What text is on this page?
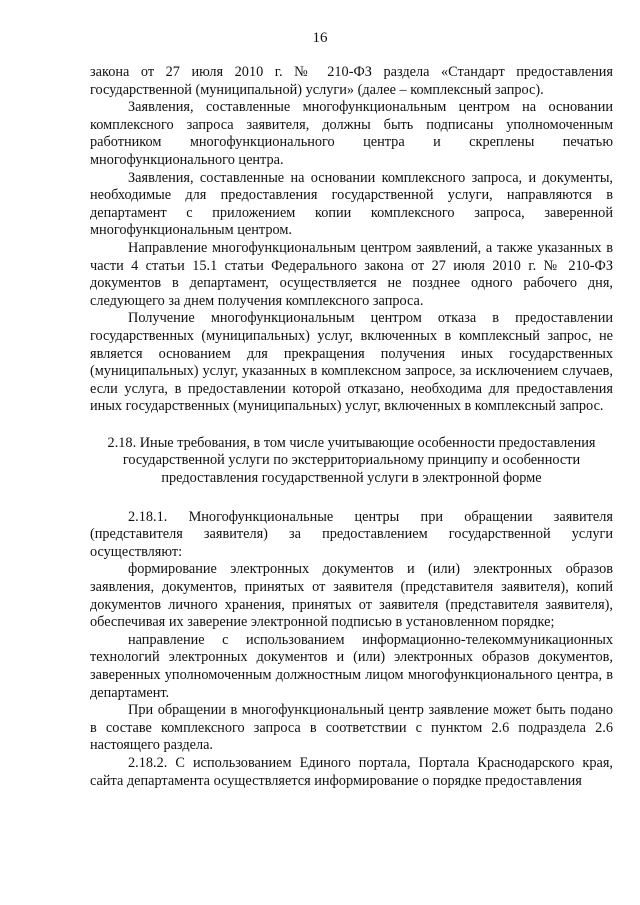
16

закона от 27 июля 2010 г. № 210-ФЗ раздела «Стандарт предоставления государственной (муниципальной) услуги» (далее – комплексный запрос).

Заявления, составленные многофункциональным центром на основании комплексного запроса заявителя, должны быть подписаны уполномоченным работником многофункционального центра и скреплены печатью многофункционального центра.

Заявления, составленные на основании комплексного запроса, и документы, необходимые для предоставления государственной услуги, направляются в департамент с приложением копии комплексного запроса, заверенной многофункциональным центром.

Направление многофункциональным центром заявлений, а также указанных в части 4 статьи 15.1 статьи Федерального закона от 27 июля 2010 г. № 210-ФЗ документов в департамент, осуществляется не позднее одного рабочего дня, следующего за днем получения комплексного запроса.

Получение многофункциональным центром отказа в предоставлении государственных (муниципальных) услуг, включенных в комплексный запрос, не является основанием для прекращения получения иных государственных (муниципальных) услуг, указанных в комплексном запросе, за исключением случаев, если услуга, в предоставлении которой отказано, необходима для предоставления иных государственных (муниципальных) услуг, включенных в комплексный запрос.

2.18. Иные требования, в том числе учитывающие особенности предоставления государственной услуги по экстерриториальному принципу и особенности предоставления государственной услуги в электронной форме

2.18.1. Многофункциональные центры при обращении заявителя (представителя заявителя) за предоставлением государственной услуги осуществляют:

формирование электронных документов и (или) электронных образов заявления, документов, принятых от заявителя (представителя заявителя), копий документов личного хранения, принятых от заявителя (представителя заявителя), обеспечивая их заверение электронной подписью в установленном порядке;

направление с использованием информационно-телекоммуникационных технологий электронных документов и (или) электронных образов документов, заверенных уполномоченным должностным лицом многофункционального центра, в департамент.

При обращении в многофункциональный центр заявление может быть подано в составе комплексного запроса в соответствии с пунктом 2.6 подраздела 2.6 настоящего раздела.

2.18.2. С использованием Единого портала, Портала Краснодарского края, сайта департамента осуществляется информирование о порядке предоставления
